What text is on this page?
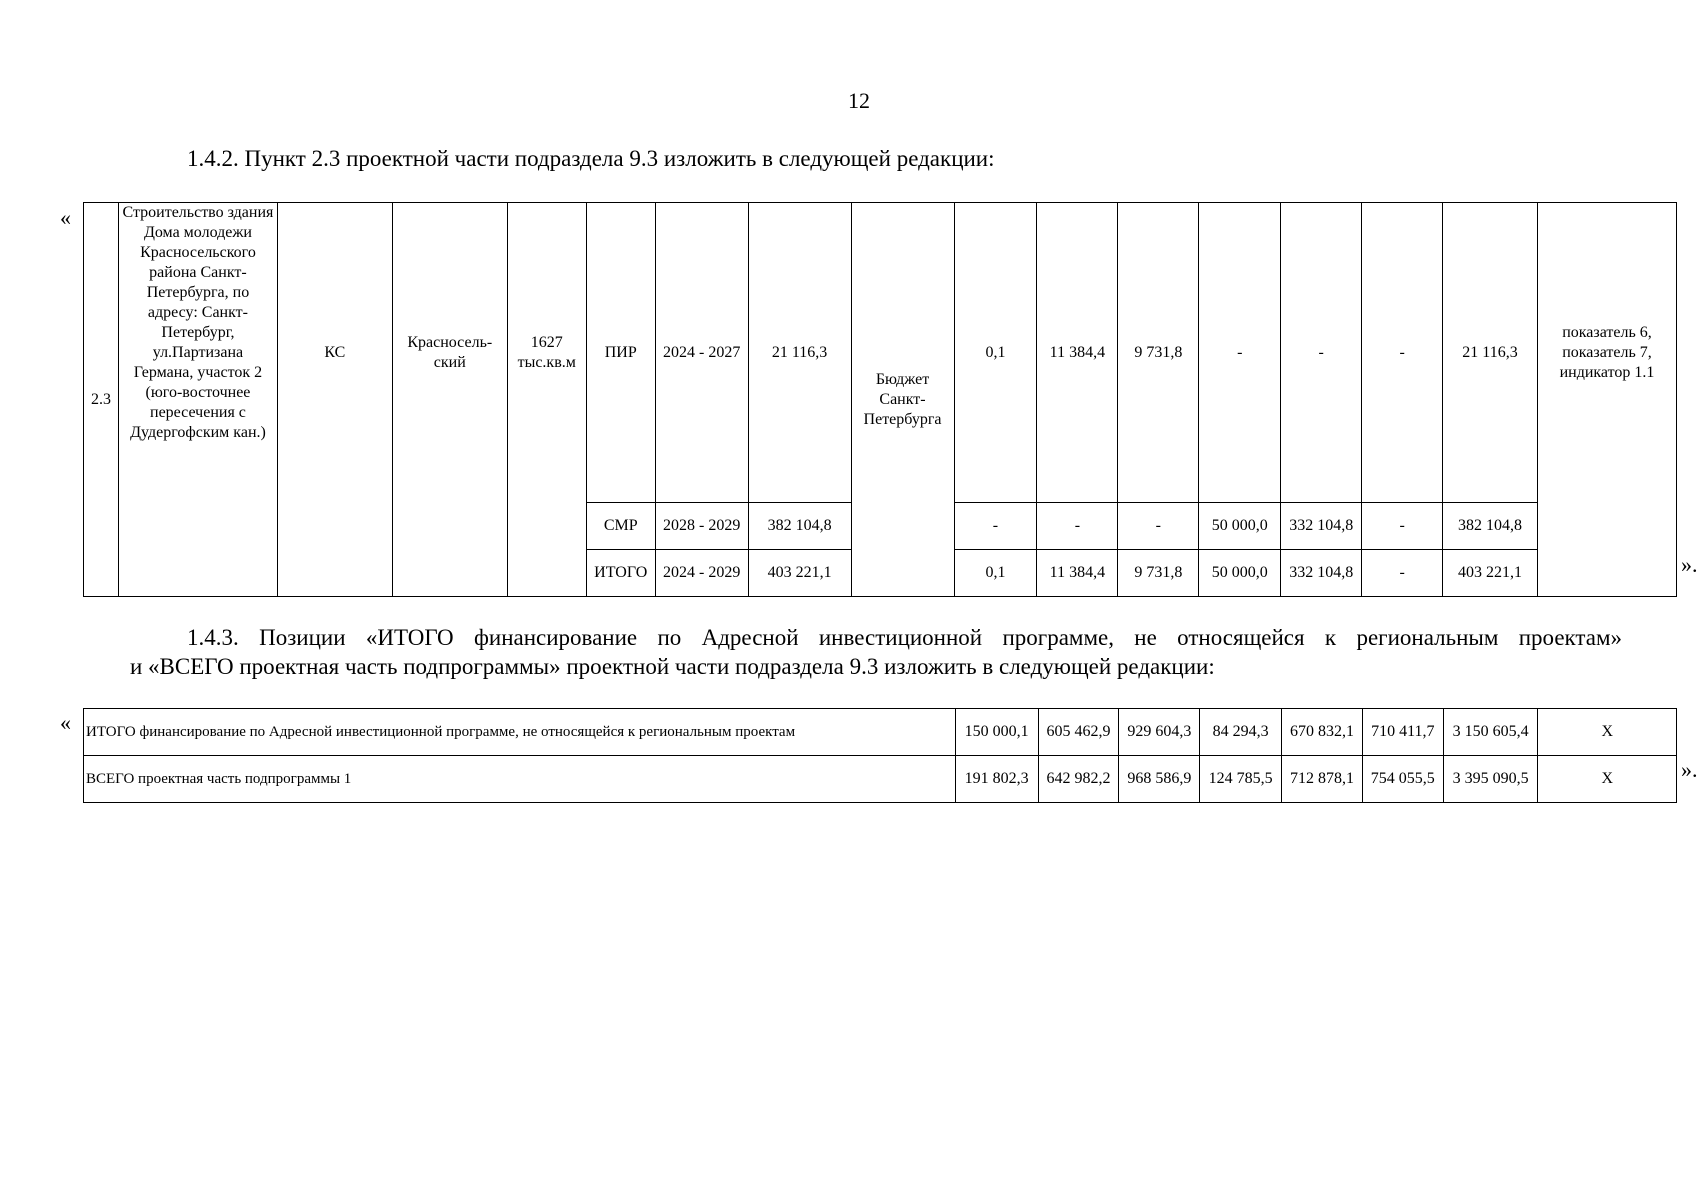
12
1.4.2. Пункт 2.3 проектной части подраздела 9.3 изложить в следующей редакции:
«
».
2.3	Строительство здания Дома молодежи Красносельского района Санкт-Петербурга, по адресу: Санкт-Петербург, ул.Партизана Германа, участок 2 (юго-восточнее пересечения с Дудергофским кан.)	КС	Красносель-ский	1627 тыс.кв.м	ПИР	2024 - 2027	21 116,3	Бюджет Санкт-Петербурга	0,1	11 384,4	9 731,8	-	-	-	21 116,3	показатель 6, показатель 7, индикатор 1.1
					СМР	2028 - 2029	382 104,8		-	-	-	50 000,0	332 104,8	-	382 104,8	
					ИТОГО	2024 - 2029	403 221,1		0,1	11 384,4	9 731,8	50 000,0	332 104,8	-	403 221,1	
1.4.3. Позиции «ИТОГО финансирование по Адресной инвестиционной программе, не относящейся к региональным проектам»
и «ВСЕГО проектная часть подпрограммы» проектной части подраздела 9.3 изложить в следующей редакции:
«
».
ИТОГО финансирование по Адресной инвестиционной программе, не относящейся к региональным проектам	150 000,1	605 462,9	929 604,3	84 294,3	670 832,1	710 411,7	3 150 605,4	Х
ВСЕГО проектная часть подпрограммы 1	191 802,3	642 982,2	968 586,9	124 785,5	712 878,1	754 055,5	3 395 090,5	Х
